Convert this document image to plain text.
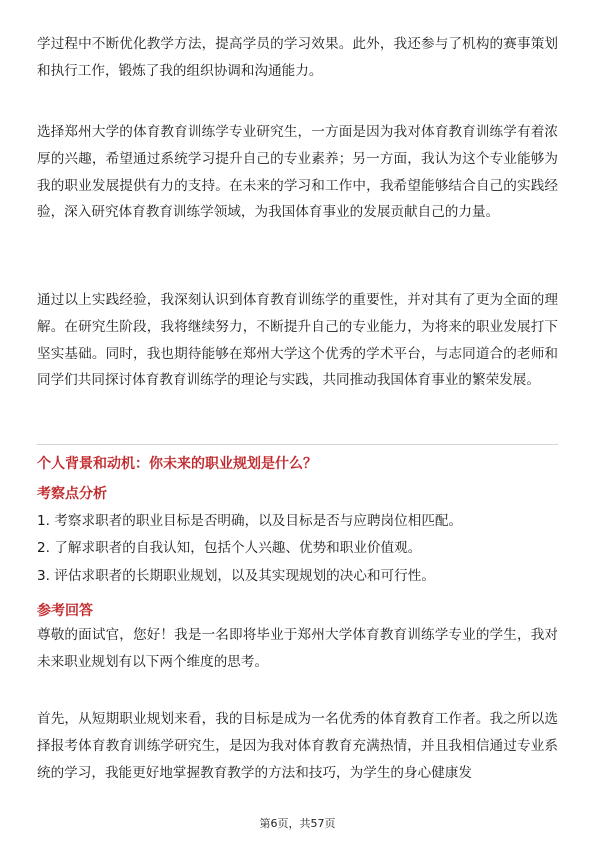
学过程中不断优化教学方法，提高学员的学习效果。此外，我还参与了机构的赛事策划和执行工作，锻炼了我的组织协调和沟通能力。

选择郑州大学的体育教育训练学专业研究生，一方面是因为我对体育教育训练学有着浓厚的兴趣，希望通过系统学习提升自己的专业素养；另一方面，我认为这个专业能够为我的职业发展提供有力的支持。在未来的学习和工作中，我希望能够结合自己的实践经验，深入研究体育教育训练学领域，为我国体育事业的发展贡献自己的力量。

通过以上实践经验，我深刻认识到体育教育训练学的重要性，并对其有了更为全面的理解。在研究生阶段，我将继续努力，不断提升自己的专业能力，为将来的职业发展打下坚实基础。同时，我也期待能够在郑州大学这个优秀的学术平台，与志同道合的老师和同学们共同探讨体育教育训练学的理论与实践，共同推动我国体育事业的繁荣发展。

个人背景和动机：你未来的职业规划是什么？

考察点分析

1. 考察求职者的职业目标是否明确，以及目标是否与应聘岗位相匹配。

2. 了解求职者的自我认知，包括个人兴趣、优势和职业价值观。

3. 评估求职者的长期职业规划，以及其实现规划的决心和可行性。

参考回答

尊敬的面试官，您好！我是一名即将毕业于郑州大学体育教育训练学专业的学生，我对未来职业规划有以下两个维度的思考。

首先，从短期职业规划来看，我的目标是成为一名优秀的体育教育工作者。我之所以选择报考体育教育训练学研究生，是因为我对体育教育充满热情，并且我相信通过专业系统的学习，我能更好地掌握教育教学的方法和技巧，为学生的身心健康发

第6页，共57页
